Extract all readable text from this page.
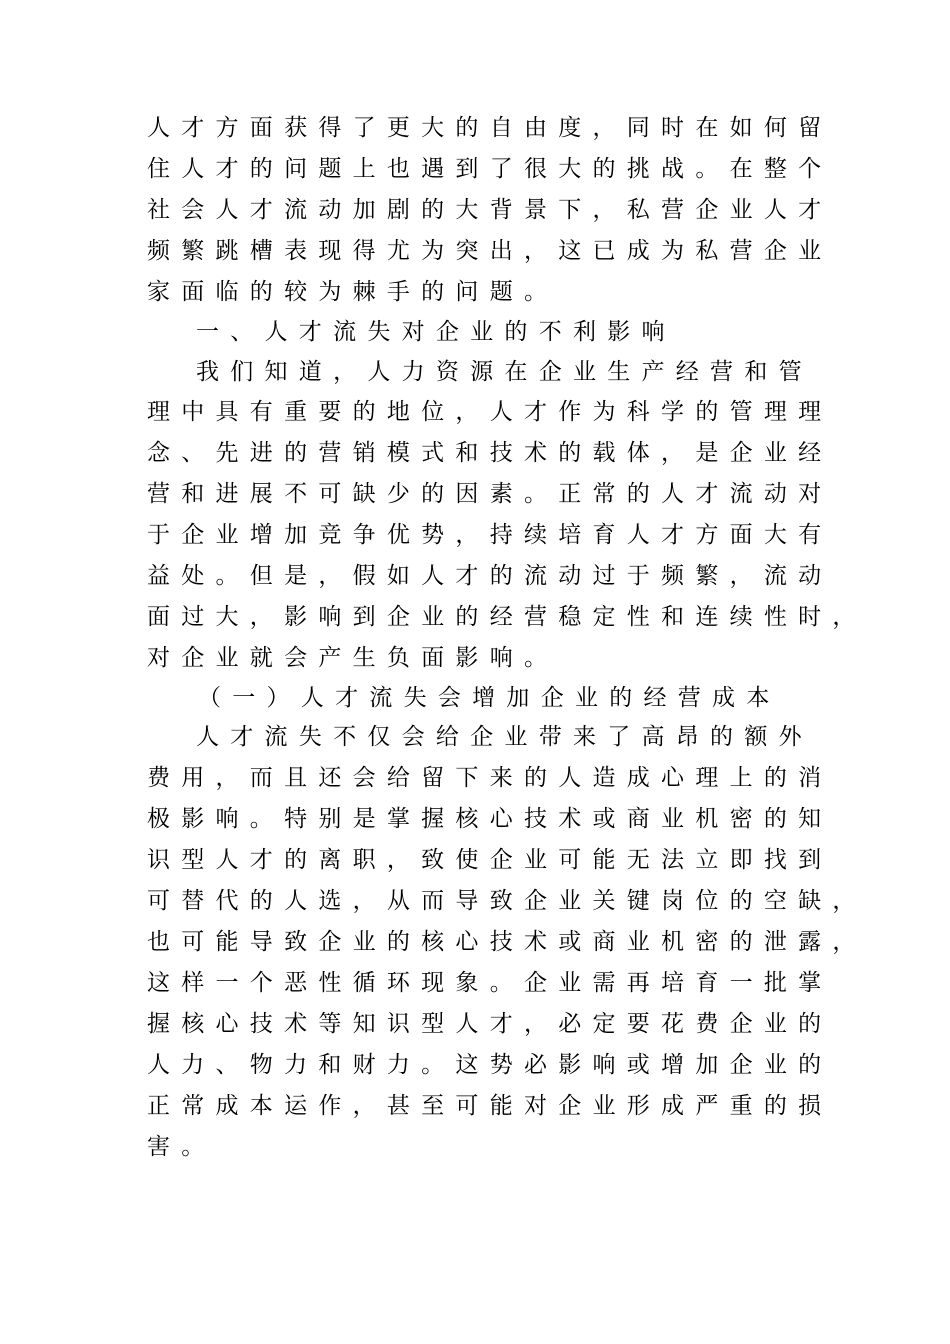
人才方面获得了更大的自由度，同时在如何留
住人才的问题上也遇到了很大的挑战。在整个
社会人才流动加剧的大背景下，私营企业人才
频繁跳槽表现得尤为突出，这已成为私营企业
家面临的较为棘手的问题。
一、人才流失对企业的不利影响
我们知道，人力资源在企业生产经营和管
理中具有重要的地位，人才作为科学的管理理
念、先进的营销模式和技术的载体，是企业经
营和进展不可缺少的因素。正常的人才流动对
于企业增加竞争优势，持续培育人才方面大有
益处。但是，假如人才的流动过于频繁，流动
面过大，影响到企业的经营稳定性和连续性时，
对企业就会产生负面影响。
（一）人才流失会增加企业的经营成本
人才流失不仅会给企业带来了高昂的额外
费用，而且还会给留下来的人造成心理上的消
极影响。特别是掌握核心技术或商业机密的知
识型人才的离职，致使企业可能无法立即找到
可替代的人选，从而导致企业关键岗位的空缺，
也可能导致企业的核心技术或商业机密的泄露，
这样一个恶性循环现象。企业需再培育一批掌
握核心技术等知识型人才，必定要花费企业的
人力、物力和财力。这势必影响或增加企业的
正常成本运作，甚至可能对企业形成严重的损
害。
